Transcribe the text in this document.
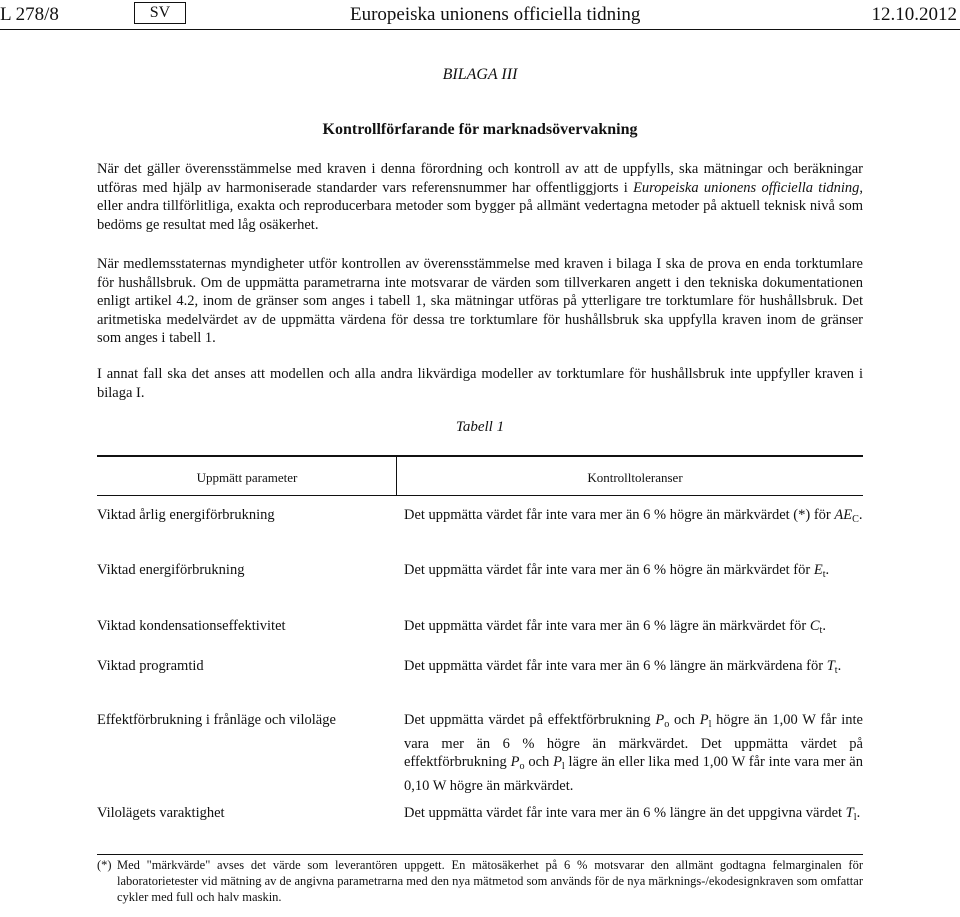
L 278/8	SV	Europeiska unionens officiella tidning	12.10.2012
BILAGA III
Kontrollförfarande för marknadsövervakning

När det gäller överensstämmelse med kraven i denna förordning och kontroll av att de uppfylls, ska mätningar och beräkningar utföras med hjälp av harmoniserade standarder vars referensnummer har offentliggjorts i Europeiska unionens officiella tidning, eller andra tillförlitliga, exakta och reproducerbara metoder som bygger på allmänt vedertagna metoder på aktuell teknisk nivå som bedöms ge resultat med låg osäkerhet.

När medlemsstaternas myndigheter utför kontrollen av överensstämmelse med kraven i bilaga I ska de prova en enda torktumlare för hushållsbruk. Om de uppmätta parametrarna inte motsvarar de värden som tillverkaren angett i den tekniska dokumentationen enligt artikel 4.2, inom de gränser som anges i tabell 1, ska mätningar utföras på ytterligare tre torktumlare för hushållsbruk. Det aritmetiska medelvärdet av de uppmätta värdena för dessa tre torktumlare för hushållsbruk ska uppfylla kraven inom de gränser som anges i tabell 1.

I annat fall ska det anses att modellen och alla andra likvärdiga modeller av torktumlare för hushållsbruk inte uppfyller kraven i bilaga I.

Tabell 1
Uppmätt parameter	Kontrolltoleranser
Viktad årlig energiförbrukning	Det uppmätta värdet får inte vara mer än 6 % högre än märkvärdet (*) för $AE_C$.
Viktad energiförbrukning	Det uppmätta värdet får inte vara mer än 6 % högre än märkvärdet för $E_t$.
Viktad kondensationseffektivitet	Det uppmätta värdet får inte vara mer än 6 % lägre än märkvärdet för $C_t$.
Viktad programtid	Det uppmätta värdet får inte vara mer än 6 % längre än märkvärdena för $T_t$.
Effektförbrukning i frånläge och viloläge	Det uppmätta värdet på effektförbrukning $P_o$ och $P_l$ högre än 1,00 W får inte vara mer än 6 % högre än märkvärdet. Det uppmätta värdet på effektförbrukning $P_o$ och $P_l$ lägre än eller lika med 1,00 W får inte vara mer än 0,10 W högre än märkvärdet.
Vilolägets varaktighet	Det uppmätta värdet får inte vara mer än 6 % längre än det uppgivna värdet $T_l$.

(*) Med "märkvärde" avses det värde som leverantören uppgett. En mätosäkerhet på 6 % motsvarar den allmänt godtagna felmarginalen för laboratorietester vid mätning av de angivna parametrarna med den nya mätmetod som används för de nya märknings-/ekodesignkraven som omfattar cykler med full och halv maskin.
